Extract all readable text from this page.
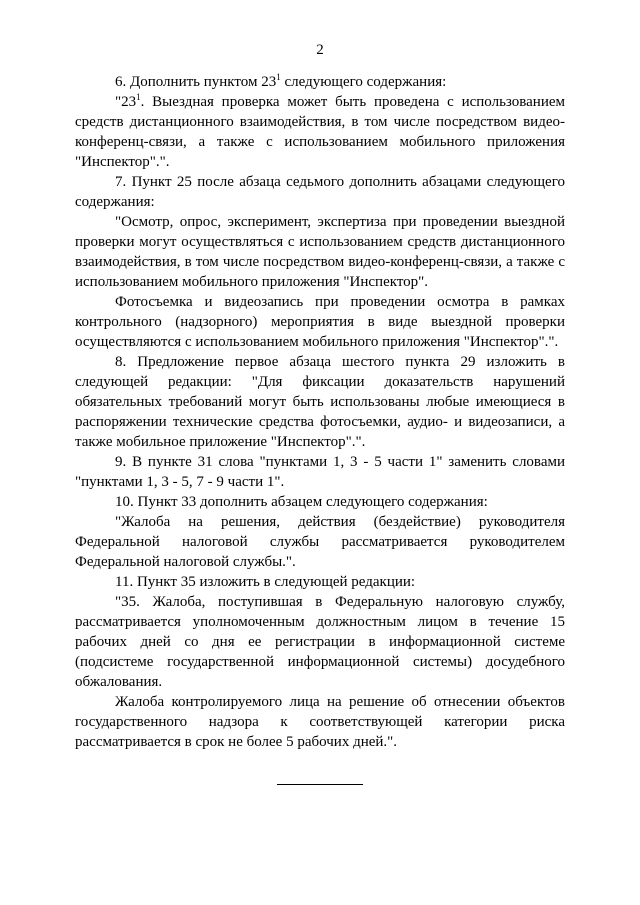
2

6. Дополнить пунктом $23^1$ следующего содержания:

"$23^1$. Выездная проверка может быть проведена с использованием средств дистанционного взаимодействия, в том числе посредством видео-конференц-связи, а также с использованием мобильного приложения "Инспектор".".

7. Пункт 25 после абзаца седьмого дополнить абзацами следующего содержания:

"Осмотр, опрос, эксперимент, экспертиза при проведении выездной проверки могут осуществляться с использованием средств дистанционного взаимодействия, в том числе посредством видео-конференц-связи, а также с использованием мобильного приложения "Инспектор".

Фотосъемка и видеозапись при проведении осмотра в рамках контрольного (надзорного) мероприятия в виде выездной проверки осуществляются с использованием мобильного приложения "Инспектор".".

8. Предложение первое абзаца шестого пункта 29 изложить в следующей редакции: "Для фиксации доказательств нарушений обязательных требований могут быть использованы любые имеющиеся в распоряжении технические средства фотосъемки, аудио- и видеозаписи, а также мобильное приложение "Инспектор".".

9. В пункте 31 слова "пунктами 1, 3 - 5 части 1" заменить словами "пунктами 1, 3 - 5, 7 - 9 части 1".

10. Пункт 33 дополнить абзацем следующего содержания:

"Жалоба на решения, действия (бездействие) руководителя Федеральной налоговой службы рассматривается руководителем Федеральной налоговой службы.".

11. Пункт 35 изложить в следующей редакции:

"35. Жалоба, поступившая в Федеральную налоговую службу, рассматривается уполномоченным должностным лицом в течение 15 рабочих дней со дня ее регистрации в информационной системе (подсистеме государственной информационной системы) досудебного обжалования.

Жалоба контролируемого лица на решение об отнесении объектов государственного надзора к соответствующей категории риска рассматривается в срок не более 5 рабочих дней.".
